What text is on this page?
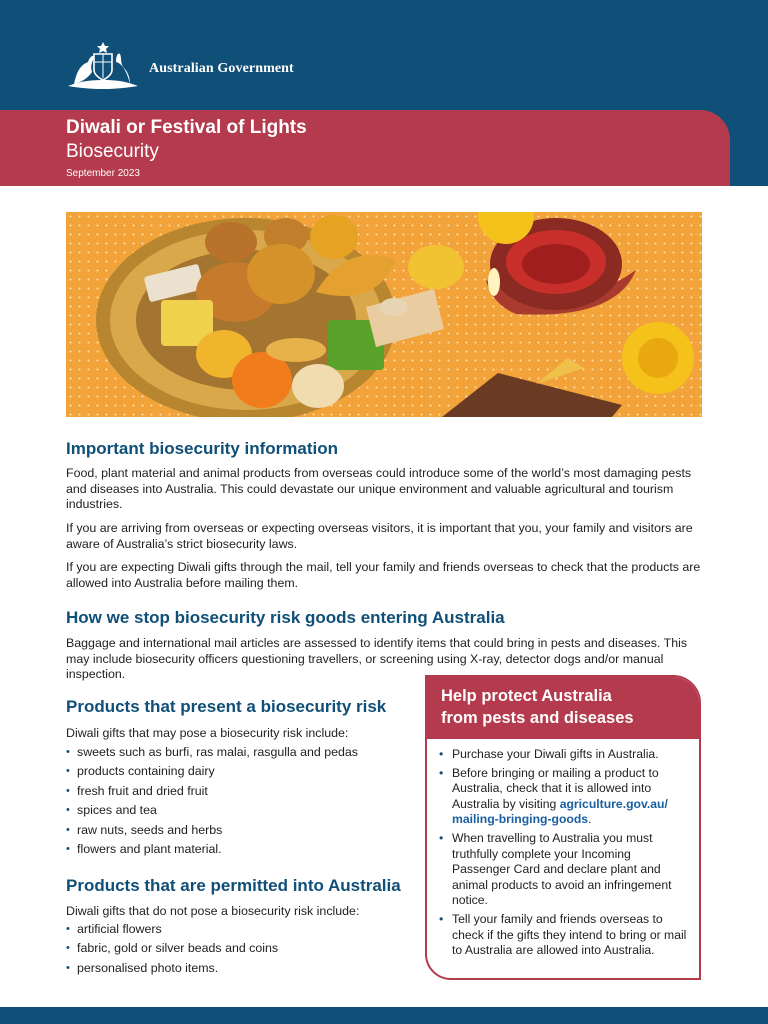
Australian Government
Diwali or Festival of Lights
Biosecurity
September 2023
Important biosecurity information

Food, plant material and animal products from overseas could introduce some of the world’s most damaging pests and diseases into Australia. This could devastate our unique environment and valuable agricultural and tourism industries.

If you are arriving from overseas or expecting overseas visitors, it is important that you, your family and visitors are aware of Australia’s strict biosecurity laws.

If you are expecting Diwali gifts through the mail, tell your family and friends overseas to check that the products are allowed into Australia before mailing them.

How we stop biosecurity risk goods entering Australia

Baggage and international mail articles are assessed to identify items that could bring in pests and diseases. This may include biosecurity officers questioning travellers, or screening using X-ray, detector dogs and/or manual inspection.

Products that present a biosecurity risk

Diwali gifts that may pose a biosecurity risk include:

• sweets such as burfi, ras malai, rasgulla and pedas
• products containing dairy
• fresh fruit and dried fruit
• spices and tea
• raw nuts, seeds and herbs
• flowers and plant material.
Products that are permitted into Australia

Diwali gifts that do not pose a biosecurity risk include:

• artificial flowers
• fabric, gold or silver beads and coins
• personalised photo items.
Help protect Australia
from pests and diseases
• Purchase your Diwali gifts in Australia.
• Before bringing or mailing a product to Australia, check that it is allowed into Australia by visiting agriculture.gov.au/ mailing-bringing-goods.
• When travelling to Australia you must truthfully complete your Incoming Passenger Card and declare plant and animal products to avoid an infringement notice.
• Tell your family and friends overseas to check if the gifts they intend to bring or mail to Australia are allowed into Australia.
